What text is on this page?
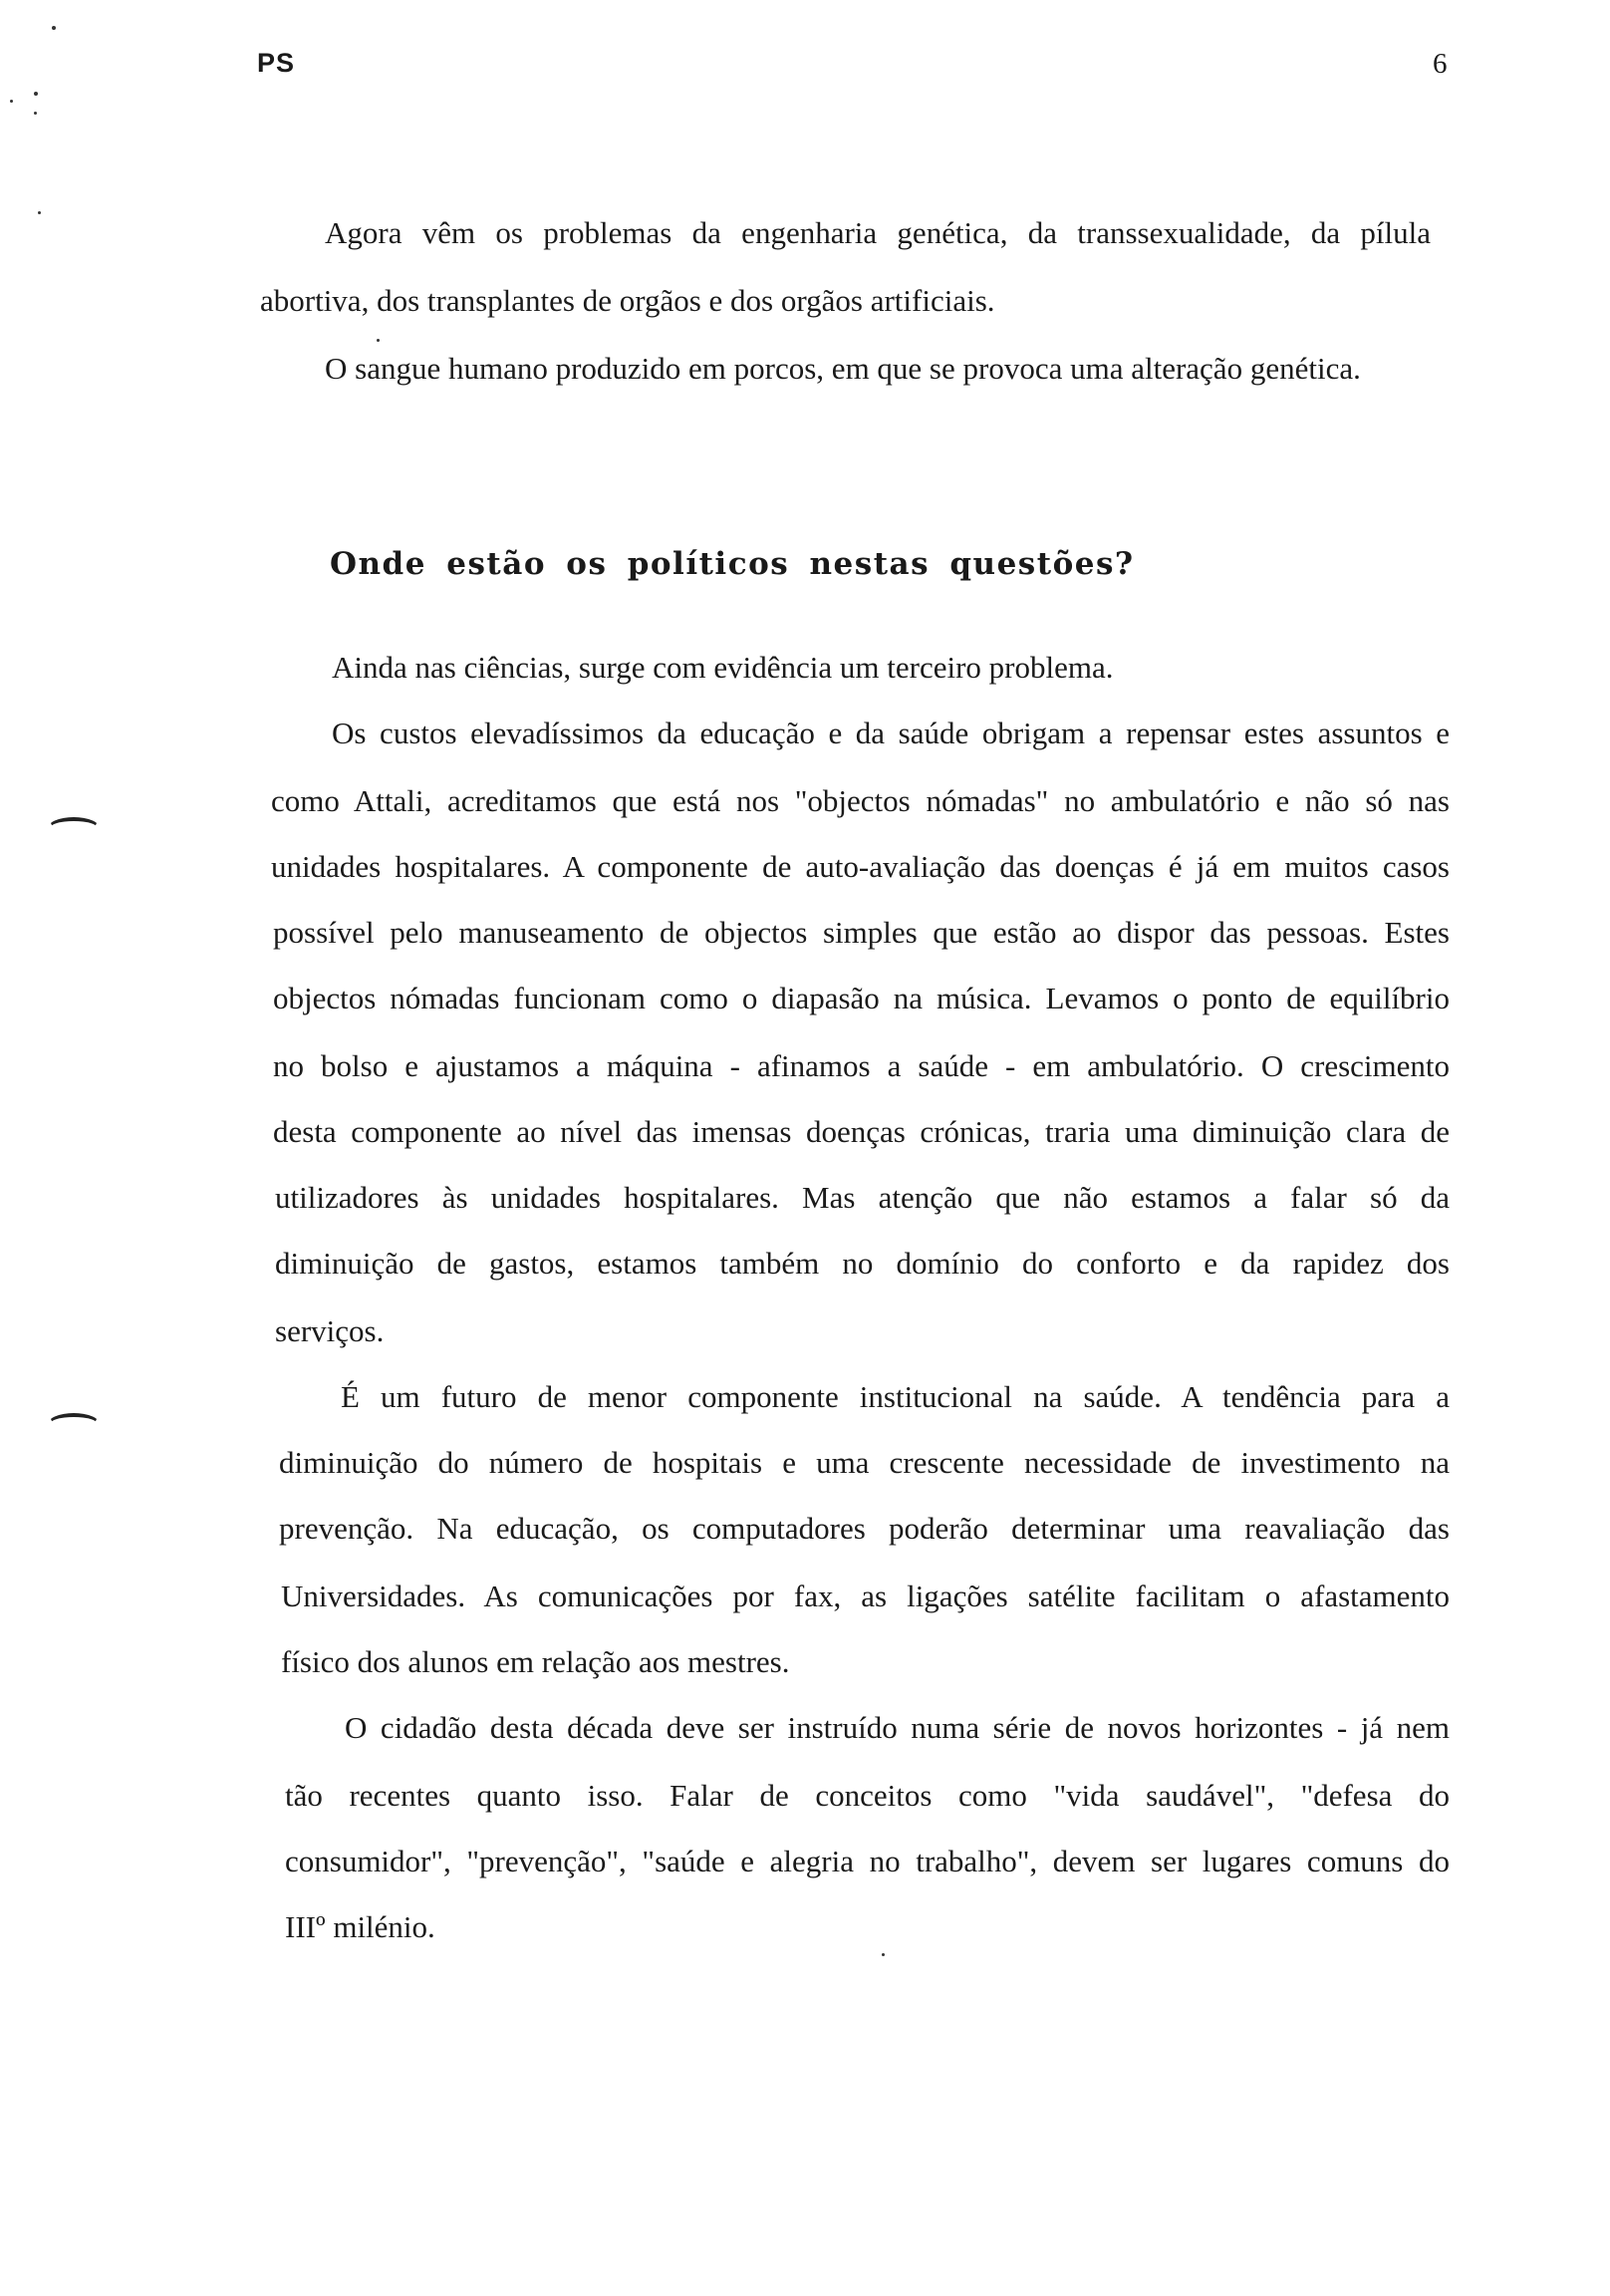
PS	6
Agora vêm os problemas da engenharia genética, da transsexualidade, da pílula
abortiva, dos transplantes de orgãos e dos orgãos artificiais.
O sangue humano produzido em porcos, em que se provoca uma alteração genética.
Onde estão os políticos nestas questões?
Ainda nas ciências, surge com evidência um terceiro problema.
Os custos elevadíssimos da educação e da saúde obrigam a repensar estes assuntos e
como Attali, acreditamos que está nos "objectos nómadas" no ambulatório e não só nas
unidades hospitalares. A componente de auto-avaliação das doenças é já em muitos casos
possível pelo manuseamento de objectos simples que estão ao dispor das pessoas. Estes
objectos nómadas funcionam como o diapasão na música. Levamos o ponto de equilíbrio
no bolso e ajustamos a máquina - afinamos a saúde - em ambulatório. O crescimento
desta componente ao nível das imensas doenças crónicas, traria uma diminuição clara de
utilizadores às unidades hospitalares. Mas atenção que não estamos a falar só da
diminuição de gastos, estamos também no domínio do conforto e da rapidez dos
serviços.
É um futuro de menor componente institucional na saúde. A tendência para a
diminuição do número de hospitais e uma crescente necessidade de investimento na
prevenção. Na educação, os computadores poderão determinar uma reavaliação das
Universidades. As comunicações por fax, as ligações satélite facilitam o afastamento
físico dos alunos em relação aos mestres.
O cidadão desta década deve ser instruído numa série de novos horizontes - já nem
tão recentes quanto isso. Falar de conceitos como "vida saudável", "defesa do
consumidor", "prevenção", "saúde e alegria no trabalho", devem ser lugares comuns do
IIIº milénio.
